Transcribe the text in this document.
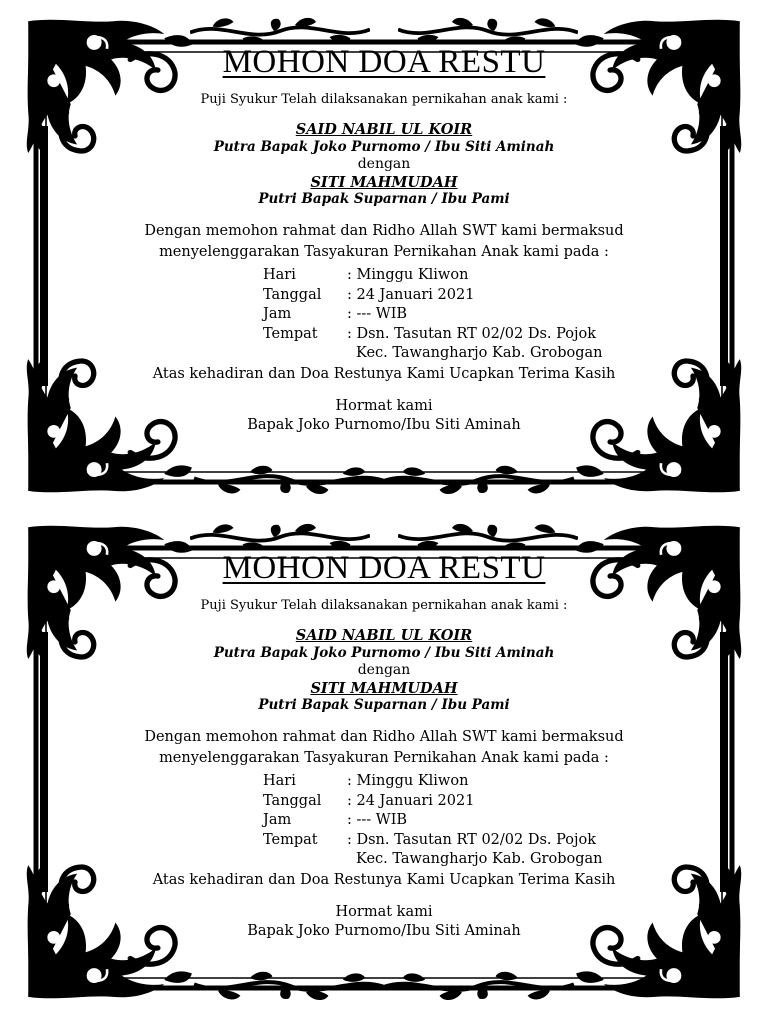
MOHON DOA RESTU
Puji Syukur Telah dilaksanakan pernikahan anak kami :
SAID NABIL UL KOIR
Putra Bapak Joko Purnomo / Ibu Siti Aminah
dengan
SITI MAHMUDAH
Putri Bapak Suparnan / Ibu Pami
Dengan memohon rahmat dan Ridho Allah SWT kami bermaksud
menyelenggarakan Tasyakuran Pernikahan Anak kami pada :
Hari	: Minggu Kliwon
Tanggal	: 24 Januari 2021
Jam	: --- WIB
Tempat	: Dsn. Tasutan RT 02/02 Ds. Pojok
Kec. Tawangharjo Kab. Grobogan
Atas kehadiran dan Doa Restunya Kami Ucapkan Terima Kasih
Hormat kami
Bapak Joko Purnomo/Ibu Siti Aminah
MOHON DOA RESTU
Puji Syukur Telah dilaksanakan pernikahan anak kami :
SAID NABIL UL KOIR
Putra Bapak Joko Purnomo / Ibu Siti Aminah
dengan
SITI MAHMUDAH
Putri Bapak Suparnan / Ibu Pami
Dengan memohon rahmat dan Ridho Allah SWT kami bermaksud
menyelenggarakan Tasyakuran Pernikahan Anak kami pada :
Hari	: Minggu Kliwon
Tanggal	: 24 Januari 2021
Jam	: --- WIB
Tempat	: Dsn. Tasutan RT 02/02 Ds. Pojok
Kec. Tawangharjo Kab. Grobogan
Atas kehadiran dan Doa Restunya Kami Ucapkan Terima Kasih
Hormat kami
Bapak Joko Purnomo/Ibu Siti Aminah
